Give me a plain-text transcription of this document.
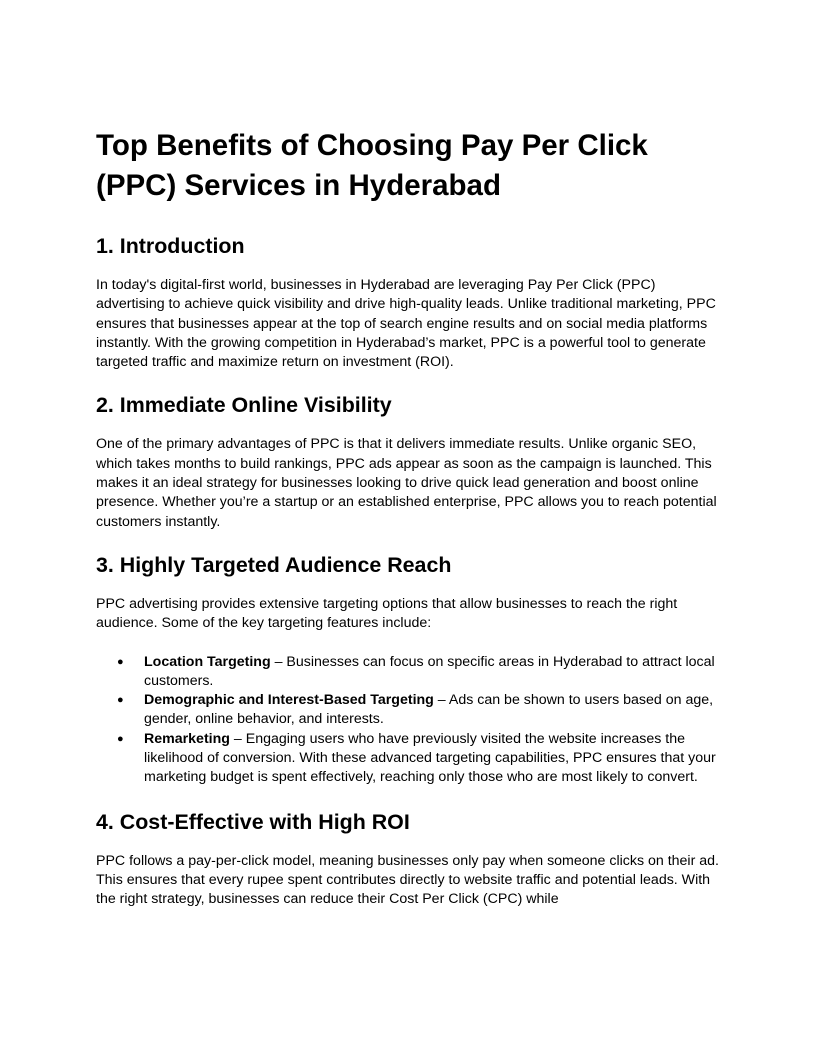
Top Benefits of Choosing Pay Per Click (PPC) Services in Hyderabad
1. Introduction

In today's digital-first world, businesses in Hyderabad are leveraging Pay Per Click (PPC) advertising to achieve quick visibility and drive high-quality leads. Unlike traditional marketing, PPC ensures that businesses appear at the top of search engine results and on social media platforms instantly. With the growing competition in Hyderabad’s market, PPC is a powerful tool to generate targeted traffic and maximize return on investment (ROI).

2. Immediate Online Visibility

One of the primary advantages of PPC is that it delivers immediate results. Unlike organic SEO, which takes months to build rankings, PPC ads appear as soon as the campaign is launched. This makes it an ideal strategy for businesses looking to drive quick lead generation and boost online presence. Whether you’re a startup or an established enterprise, PPC allows you to reach potential customers instantly.

3. Highly Targeted Audience Reach

PPC advertising provides extensive targeting options that allow businesses to reach the right audience. Some of the key targeting features include:

● Location Targeting – Businesses can focus on specific areas in Hyderabad to attract local customers.
● Demographic and Interest-Based Targeting – Ads can be shown to users based on age, gender, online behavior, and interests.
● Remarketing – Engaging users who have previously visited the website increases the likelihood of conversion. With these advanced targeting capabilities, PPC ensures that your marketing budget is spent effectively, reaching only those who are most likely to convert.
4. Cost-Effective with High ROI

PPC follows a pay-per-click model, meaning businesses only pay when someone clicks on their ad. This ensures that every rupee spent contributes directly to website traffic and potential leads. With the right strategy, businesses can reduce their Cost Per Click (CPC) while
